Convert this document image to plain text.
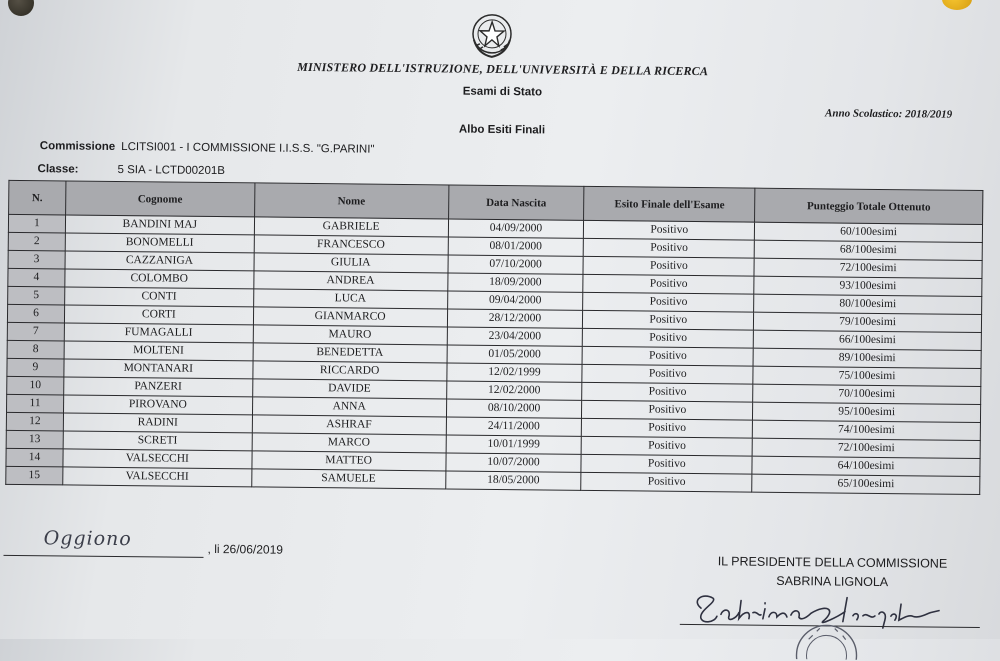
MINISTERO DELL'ISTRUZIONE, DELL'UNIVERSITÀ E DELLA RICERCA
Esami di Stato
Anno Scolastico: 2018/2019
Albo Esiti Finali
Commissione LCITSI001 - I COMMISSIONE I.I.S.S. "G.PARINI"
Classe:	5 SIA - LCTD00201B
N.	Cognome	Nome	Data Nascita	Esito Finale dell'Esame	Punteggio Totale Ottenuto
1	BANDINI MAJ	GABRIELE	04/09/2000	Positivo	60/100esimi
2	BONOMELLI	FRANCESCO	08/01/2000	Positivo	68/100esimi
3	CAZZANIGA	GIULIA	07/10/2000	Positivo	72/100esimi
4	COLOMBO	ANDREA	18/09/2000	Positivo	93/100esimi
5	CONTI	LUCA	09/04/2000	Positivo	80/100esimi
6	CORTI	GIANMARCO	28/12/2000	Positivo	79/100esimi
7	FUMAGALLI	MAURO	23/04/2000	Positivo	66/100esimi
8	MOLTENI	BENEDETTA	01/05/2000	Positivo	89/100esimi
9	MONTANARI	RICCARDO	12/02/1999	Positivo	75/100esimi
10	PANZERI	DAVIDE	12/02/2000	Positivo	70/100esimi
11	PIROVANO	ANNA	08/10/2000	Positivo	95/100esimi
12	RADINI	ASHRAF	24/11/2000	Positivo	74/100esimi
13	SCRETI	MARCO	10/01/1999	Positivo	72/100esimi
14	VALSECCHI	MATTEO	10/07/2000	Positivo	64/100esimi
15	VALSECCHI	SAMUELE	18/05/2000	Positivo	65/100esimi
Oggiono	, li 26/06/2019
IL PRESIDENTE DELLA COMMISSIONE
SABRINA LIGNOLA
